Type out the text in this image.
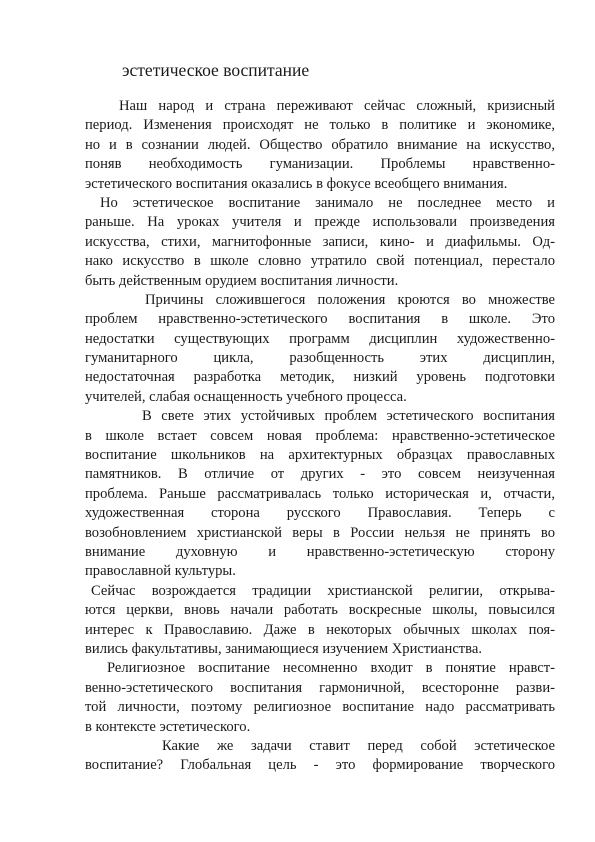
эстетическое воспитание
Наш народ и страна переживают сейчас сложный, кризисный
период. Изменения происходят не только в политике и экономике,
но и в сознании людей. Общество обратило внимание на искусство,
поняв необходимость гуманизации. Проблемы нравственно-
эстетического воспитания оказались в фокусе всеобщего внимания.
Но эстетическое воспитание занимало не последнее место и
раньше. На уроках учителя и прежде использовали произведения
искусства, стихи, магнитофонные записи, кино- и диафильмы. Од-
нако искусство в школе словно утратило свой потенциал, перестало
быть действенным орудием воспитания личности.
Причины сложившегося положения кроются во множестве
проблем нравственно-эстетического воспитания в школе. Это
недостатки существующих программ дисциплин художественно-
гуманитарного цикла, разобщенность этих дисциплин,
недостаточная разработка методик, низкий уровень подготовки
учителей, слабая оснащенность учебного процесса.
В свете этих устойчивых проблем эстетического воспитания
в школе встает совсем новая проблема: нравственно-эстетическое
воспитание школьников на архитектурных образцах православных
памятников. В отличие от других - это совсем неизученная
проблема. Раньше рассматривалась только историческая и, отчасти,
художественная сторона русского Православия. Теперь с
возобновлением христианской веры в России нельзя не принять во
внимание духовную и нравственно-эстетическую сторону
православной культуры.
Сейчас возрождается традиции христианской религии, открыва-
ются церкви, вновь начали работать воскресные школы, повысился
интерес к Православию. Даже в некоторых обычных школах поя-
вились факультативы, занимающиеся изучением Христианства.
Религиозное воспитание несомненно входит в понятие нравст-
венно-эстетического воспитания гармоничной, всесторонне разви-
той личности, поэтому религиозное воспитание надо рассматривать
в контексте эстетического.
Какие же задачи ставит перед собой эстетическое
воспитание? Глобальная цель - это формирование творческого
